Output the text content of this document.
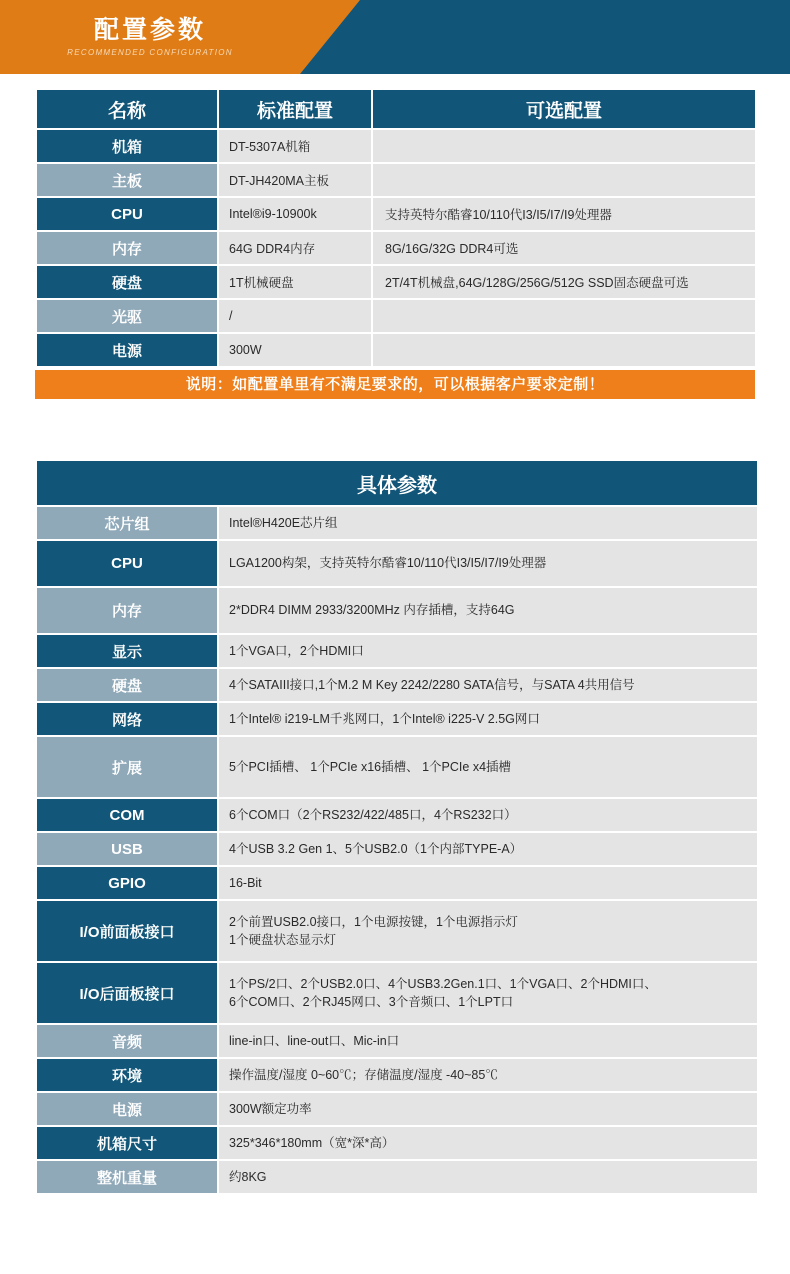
配置参数
RECOMMENDED CONFIGURATION
名称	标准配置	可选配置
机箱	DT-5307A机箱	
主板	DT-JH420MA主板	
CPU	Intel®i9-10900k	支持英特尔酷睿10/110代I3/I5/I7/I9处理器
内存	64G DDR4内存	8G/16G/32G DDR4可选
硬盘	1T机械硬盘	2T/4T机械盘,64G/128G/256G/512G SSD固态硬盘可选
光驱	/	
电源	300W	
说明：如配置单里有不满足要求的，可以根据客户要求定制！
具体参数	
芯片组	Intel®H420E芯片组
CPU	LGA1200构架，支持英特尔酷睿10/110代I3/I5/I7/I9处理器
内存	2*DDR4 DIMM 2933/3200MHz 内存插槽，支持64G
显示	1个VGA口，2个HDMI口
硬盘	4个SATAIII接口,1个M.2 M Key 2242/2280 SATA信号，与SATA 4共用信号
网络	1个Intel® i219-LM千兆网口，1个Intel® i225-V 2.5G网口
扩展	5个PCI插槽、 1个PCIe x16插槽、 1个PCIe x4插槽
COM	6个COM口（2个RS232/422/485口，4个RS232口）
USB	4个USB 3.2 Gen 1、5个USB2.0（1个内部TYPE-A）
GPIO	16-Bit
I/O前面板接口	2个前置USB2.0接口，1个电源按键，1个电源指示灯
1个硬盘状态显示灯

I/O后面板接口	1个PS/2口、2个USB2.0口、4个USB3.2Gen.1口、1个VGA口、2个HDMI口、
6个COM口、2个RJ45网口、3个音频口、1个LPT口

音频	line-in口、line-out口、Mic-in口
环境	操作温度/湿度 0~60℃；存储温度/湿度 -40~85℃
电源	300W额定功率
机箱尺寸	325*346*180mm（宽*深*高）
整机重量	约8KG
